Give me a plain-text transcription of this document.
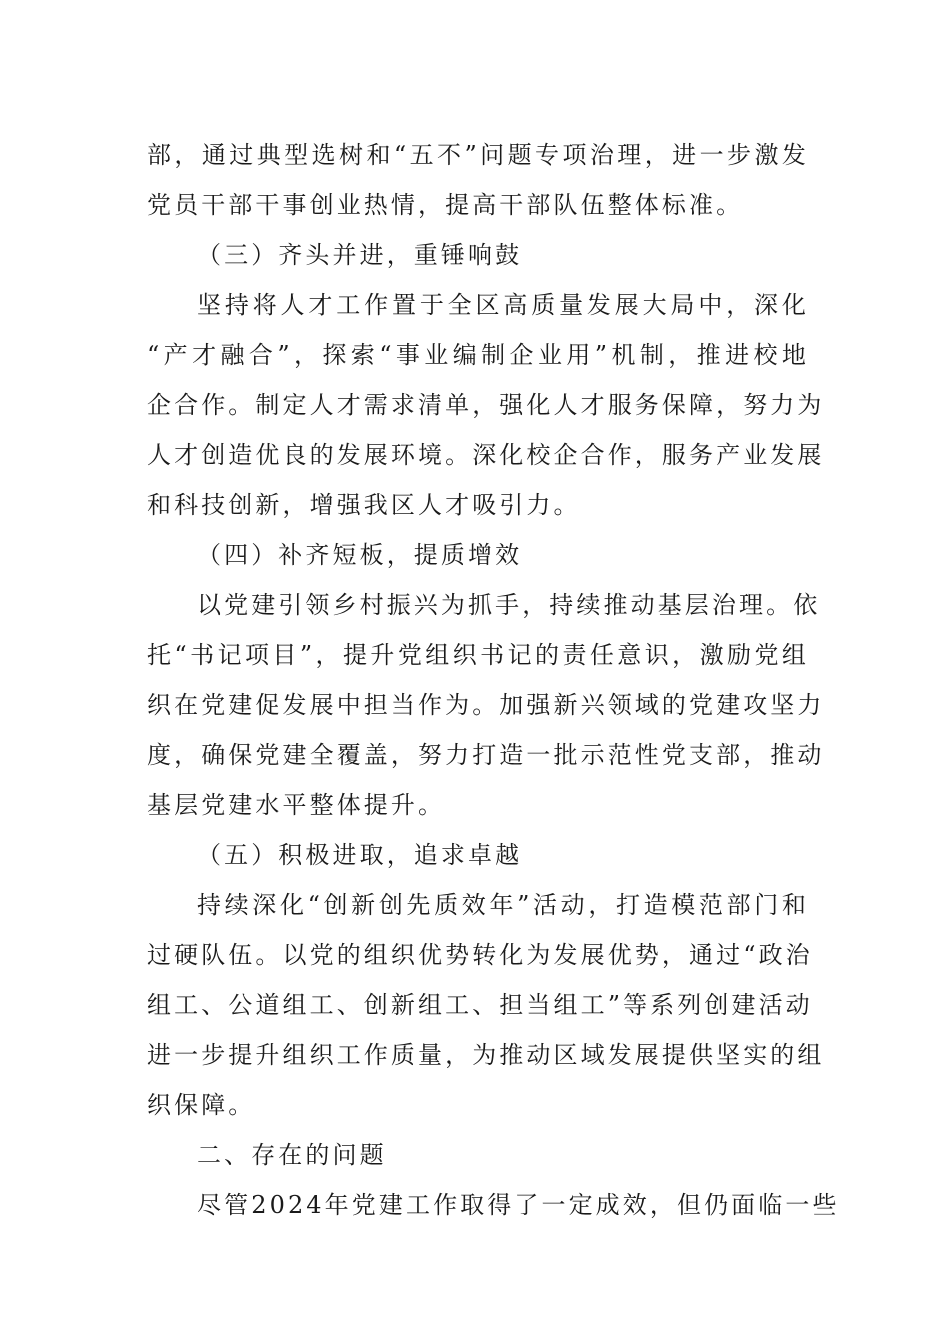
部，通过典型选树和“五不”问题专项治理，进一步激发
党员干部干事创业热情，提高干部队伍整体标准。
（三）齐头并进，重锤响鼓
坚持将人才工作置于全区高质量发展大局中，深化
“产才融合”，探索“事业编制企业用”机制，推进校地
企合作。制定人才需求清单，强化人才服务保障，努力为
人才创造优良的发展环境。深化校企合作，服务产业发展
和科技创新，增强我区人才吸引力。
（四）补齐短板，提质增效
以党建引领乡村振兴为抓手，持续推动基层治理。依
托“书记项目”，提升党组织书记的责任意识，激励党组
织在党建促发展中担当作为。加强新兴领域的党建攻坚力
度，确保党建全覆盖，努力打造一批示范性党支部，推动
基层党建水平整体提升。
（五）积极进取，追求卓越
持续深化“创新创先质效年”活动，打造模范部门和
过硬队伍。以党的组织优势转化为发展优势，通过“政治
组工、公道组工、创新组工、担当组工”等系列创建活动
进一步提升组织工作质量，为推动区域发展提供坚实的组
织保障。
二、存在的问题
尽管2024年党建工作取得了一定成效，但仍面临一些
